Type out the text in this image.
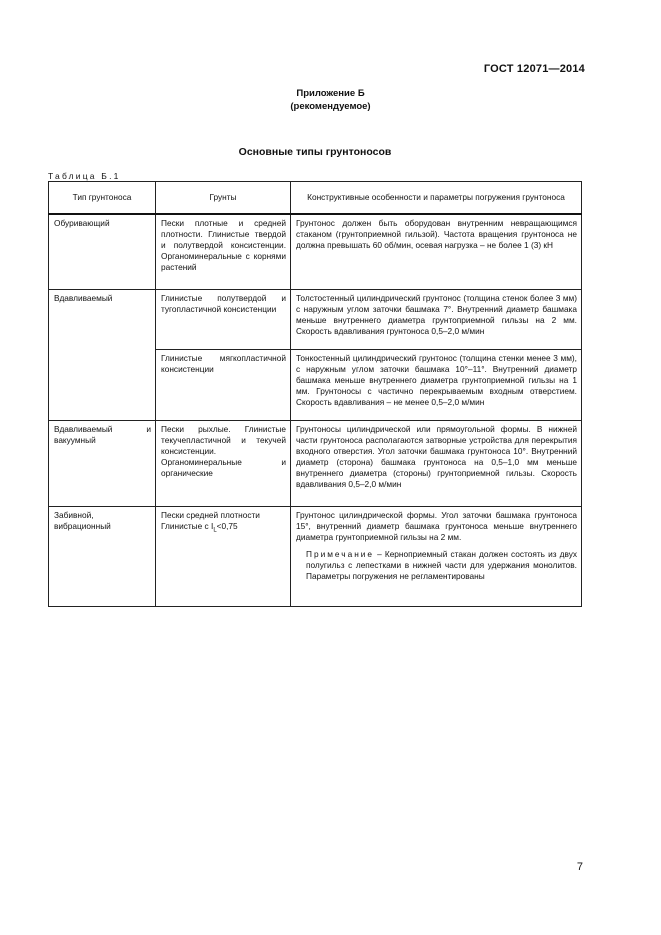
ГОСТ 12071—2014
Приложение Б
(рекомендуемое)
Основные типы грунтоносов
Таблица Б.1
Тип грунтоноса	Грунты	Конструктивные особенности и параметры погружения грунтоноса
Обуривающий	Пески плотные и средней плотности. Глинистые твердой и полутвердой консистенции. Органоминеральные с корнями растений	Грунтонос должен быть оборудован внутренним невращающимся стаканом (грунтоприемной гильзой). Частота вращения грунтоноса не должна превышать 60 об/мин, осевая нагрузка – не более 1 (3) кН
Вдавливаемый	Глинистые полутвердой и тугопластичной консистенции	Толстостенный цилиндрический грунтонос (толщина стенок более 3 мм) с наружным углом заточки башмака 7°. Внутренний диаметр башмака меньше внутреннего диаметра грунтоприемной гильзы на 2 мм. Скорость вдавливания грунтоноса 0,5–2,0 м/мин
	Глинистые мягкопластичной консистенции	Тонкостенный цилиндрический грунтонос (толщина стенки менее 3 мм), с наружным углом заточки башмака 10°–11°. Внутренний диаметр башмака меньше внутреннего диаметра грунтоприемной гильзы на 1 мм. Грунтоносы с частично перекрываемым входным отверстием. Скорость вдавливания – не менее 0,5–2,0 м/мин
Вдавливаемый и вакуумный	Пески рыхлые. Глинистые текучепластичной и текучей консистенции. Органоминеральные и органические	Грунтоносы цилиндрической или прямоугольной формы. В нижней части грунтоноса располагаются затворные устройства для перекрытия входного отверстия. Угол заточки башмака грунтоноса 10°. Внутренний диаметр (сторона) башмака грунтоноса на 0,5–1,0 мм меньше внутреннего диаметра (стороны) грунтоприемной гильзы. Скорость вдавливания 0,5–2,0 м/мин
Забивной, вибрационный	Пески средней плотности Глинистые с $I_L<0,75$	Грунтонос цилиндрической формы. Угол заточки башмака грунтоноса 15°, внутренний диаметр башмака грунтоноса меньше внутреннего диаметра грунтоприемной гильзы на 2 мм.
Примечание – Керноприемный стакан должен состоять из двух полугильз с лепестками в нижней части для удержания монолитов. Параметры погружения не регламентированы
7
